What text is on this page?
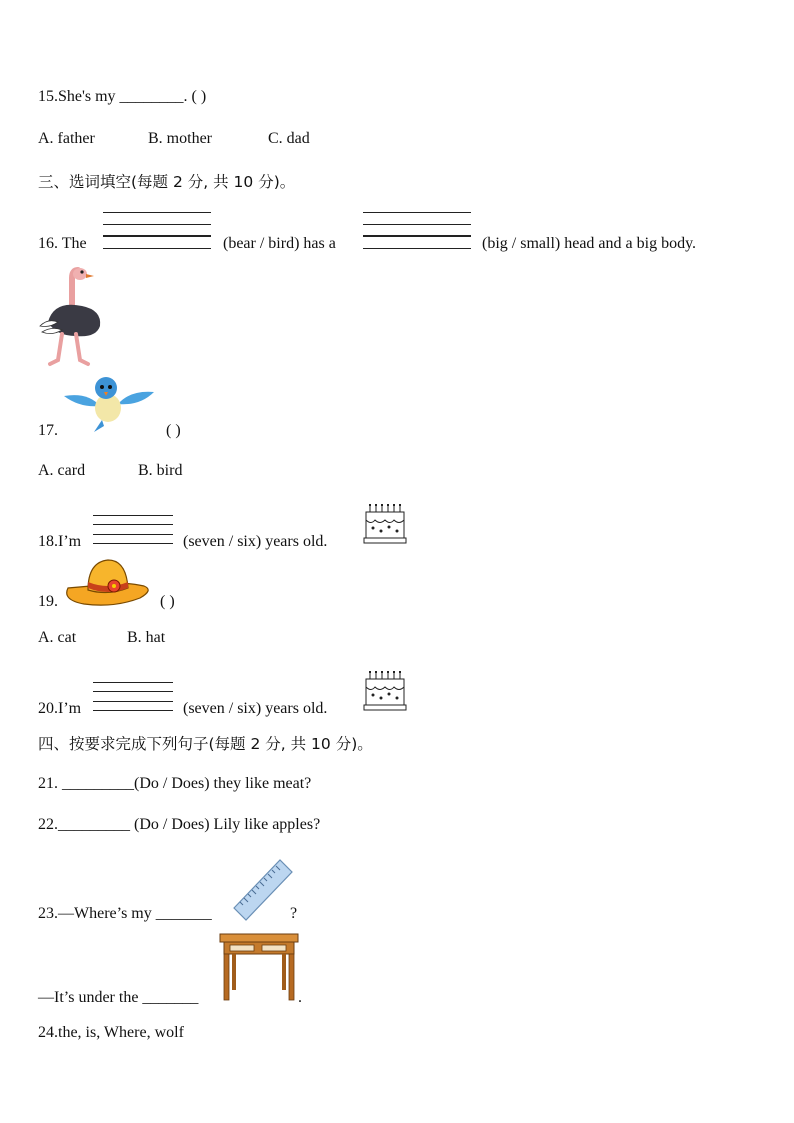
15.She's my ________. ( )
A. father	B. mother	C. dad
三、选词填空(每题 2 分, 共 10 分)。
16. The	(bear / bird) has a	(big / small) head and a big body.
17.	( )
A. card	B. bird
18.I’m	(seven / six) years old.
19.	( )
A. cat	B. hat
20.I’m	(seven / six) years old.
四、按要求完成下列句子(每题 2 分, 共 10 分)。
21. _________(Do / Does) they like meat?
22._________ (Do / Does) Lily like apples?
23.—Where’s my _______	?
—It’s under the _______	.
24.the, is, Where, wolf
